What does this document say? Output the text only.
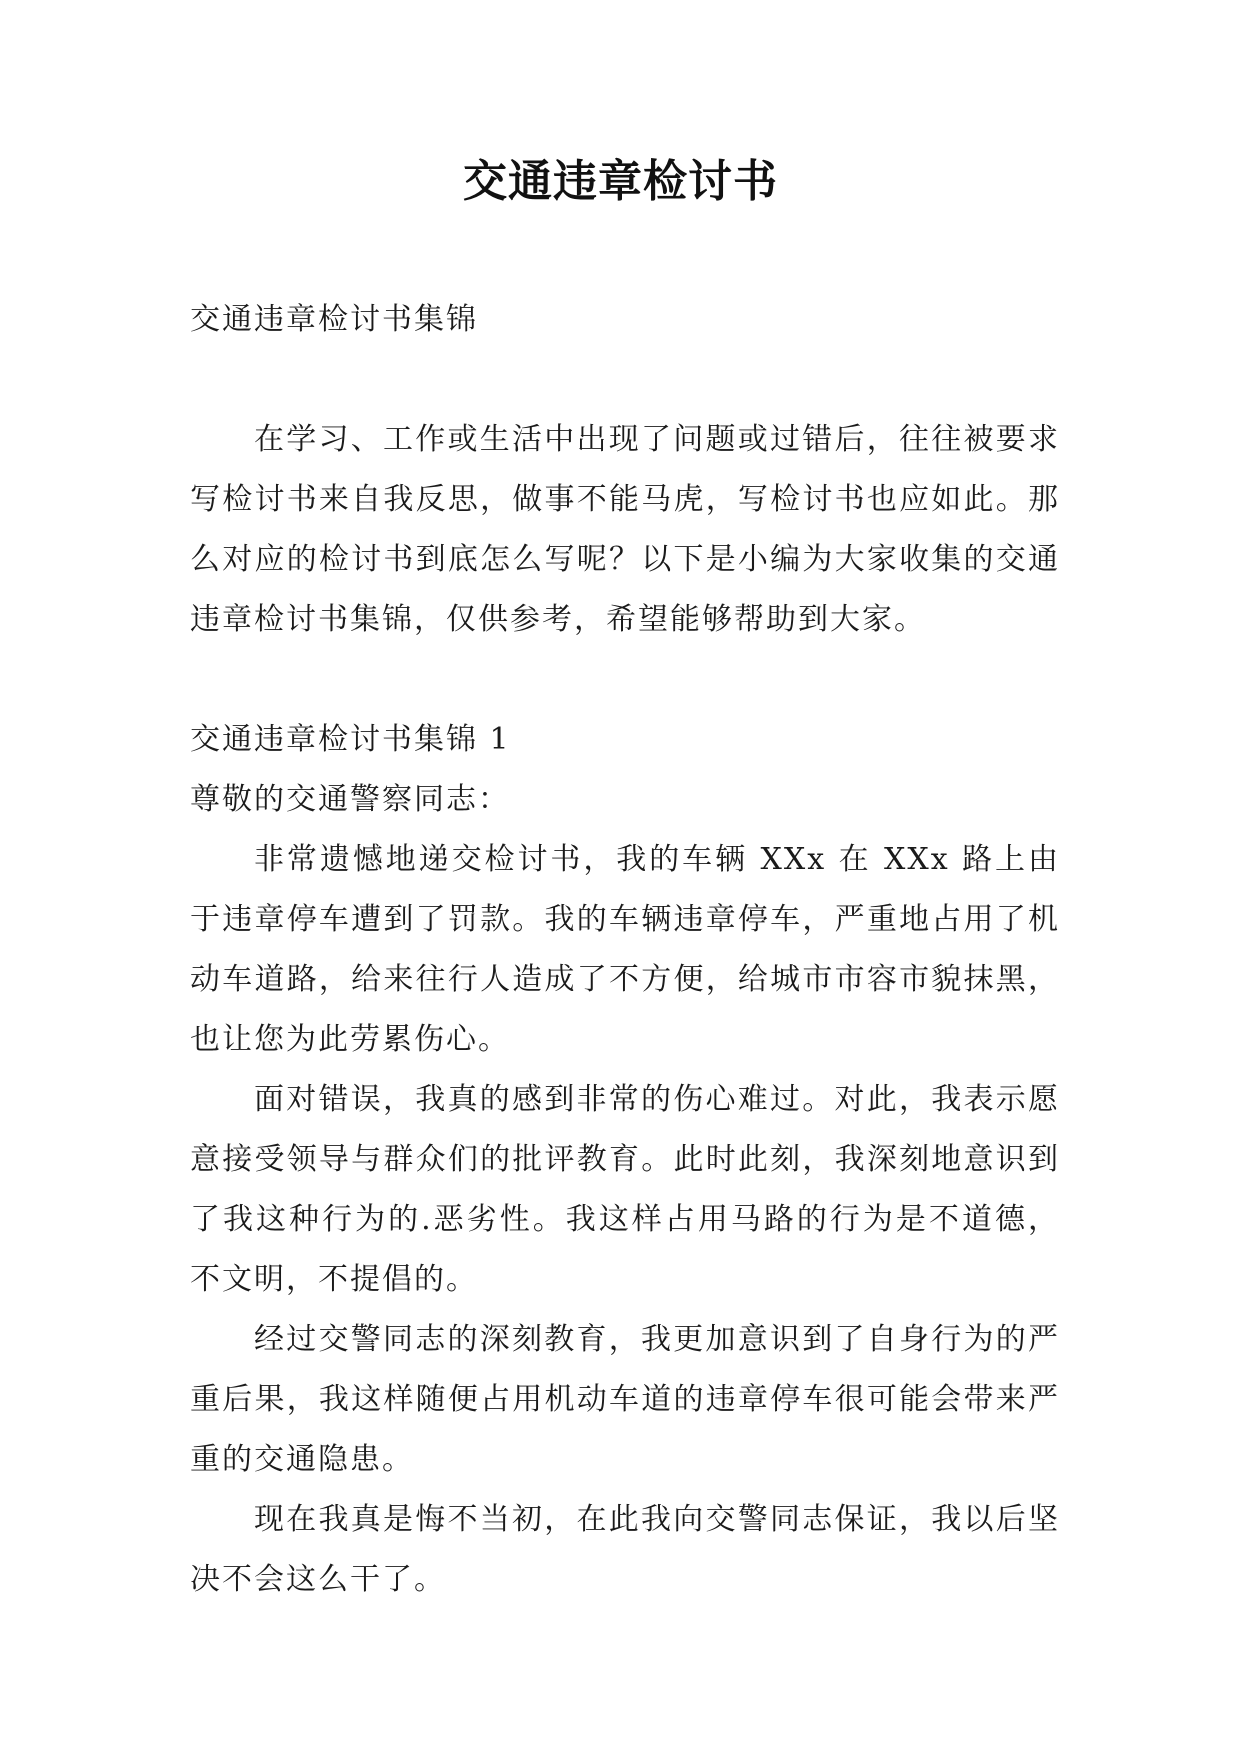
交通违章检讨书

交通违章检讨书集锦

在学习、工作或生活中出现了问题或过错后，往往被要求写检讨书来自我反思，做事不能马虎，写检讨书也应如此。那么对应的检讨书到底怎么写呢？以下是小编为大家收集的交通违章检讨书集锦，仅供参考，希望能够帮助到大家。

交通违章检讨书集锦 1

尊敬的交通警察同志：

非常遗憾地递交检讨书，我的车辆 XXx 在 XXx 路上由于违章停车遭到了罚款。我的车辆违章停车，严重地占用了机动车道路，给来往行人造成了不方便，给城市市容市貌抹黑，也让您为此劳累伤心。

面对错误，我真的感到非常的伤心难过。对此，我表示愿意接受领导与群众们的批评教育。此时此刻，我深刻地意识到了我这种行为的.恶劣性。我这样占用马路的行为是不道德，不文明，不提倡的。

经过交警同志的深刻教育，我更加意识到了自身行为的严重后果，我这样随便占用机动车道的违章停车很可能会带来严重的交通隐患。

现在我真是悔不当初，在此我向交警同志保证，我以后坚决不会这么干了。
